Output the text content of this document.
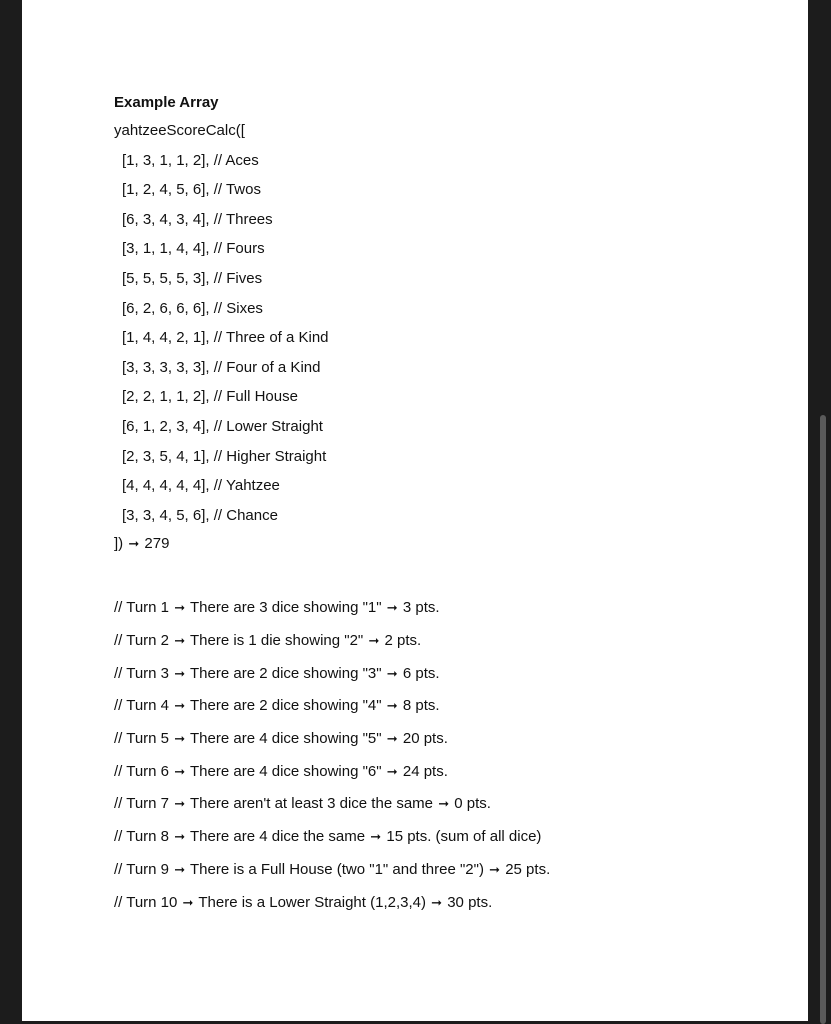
Example Array
yahtzeeScoreCalc([
[1, 3, 1, 1, 2], // Aces
[1, 2, 4, 5, 6], // Twos
[6, 3, 4, 3, 4], // Threes
[3, 1, 1, 4, 4], // Fours
[5, 5, 5, 5, 3], // Fives
[6, 2, 6, 6, 6], // Sixes
[1, 4, 4, 2, 1], // Three of a Kind
[3, 3, 3, 3, 3], // Four of a Kind
[2, 2, 1, 1, 2], // Full House
[6, 1, 2, 3, 4], // Lower Straight
[2, 3, 5, 4, 1], // Higher Straight
[4, 4, 4, 4, 4], // Yahtzee
[3, 3, 4, 5, 6], // Chance
]) ➞ 279
// Turn 1 ➞ There are 3 dice showing "1" ➞ 3 pts.
// Turn 2 ➞ There is 1 die showing "2" ➞ 2 pts.
// Turn 3 ➞ There are 2 dice showing "3" ➞ 6 pts.
// Turn 4 ➞ There are 2 dice showing "4" ➞ 8 pts.
// Turn 5 ➞ There are 4 dice showing "5" ➞ 20 pts.
// Turn 6 ➞ There are 4 dice showing "6" ➞ 24 pts.
// Turn 7 ➞ There aren't at least 3 dice the same ➞ 0 pts.
// Turn 8 ➞ There are 4 dice the same ➞ 15 pts. (sum of all dice)
// Turn 9 ➞ There is a Full House (two "1" and three "2") ➞ 25 pts.
// Turn 10 ➞ There is a Lower Straight (1,2,3,4) ➞ 30 pts.
